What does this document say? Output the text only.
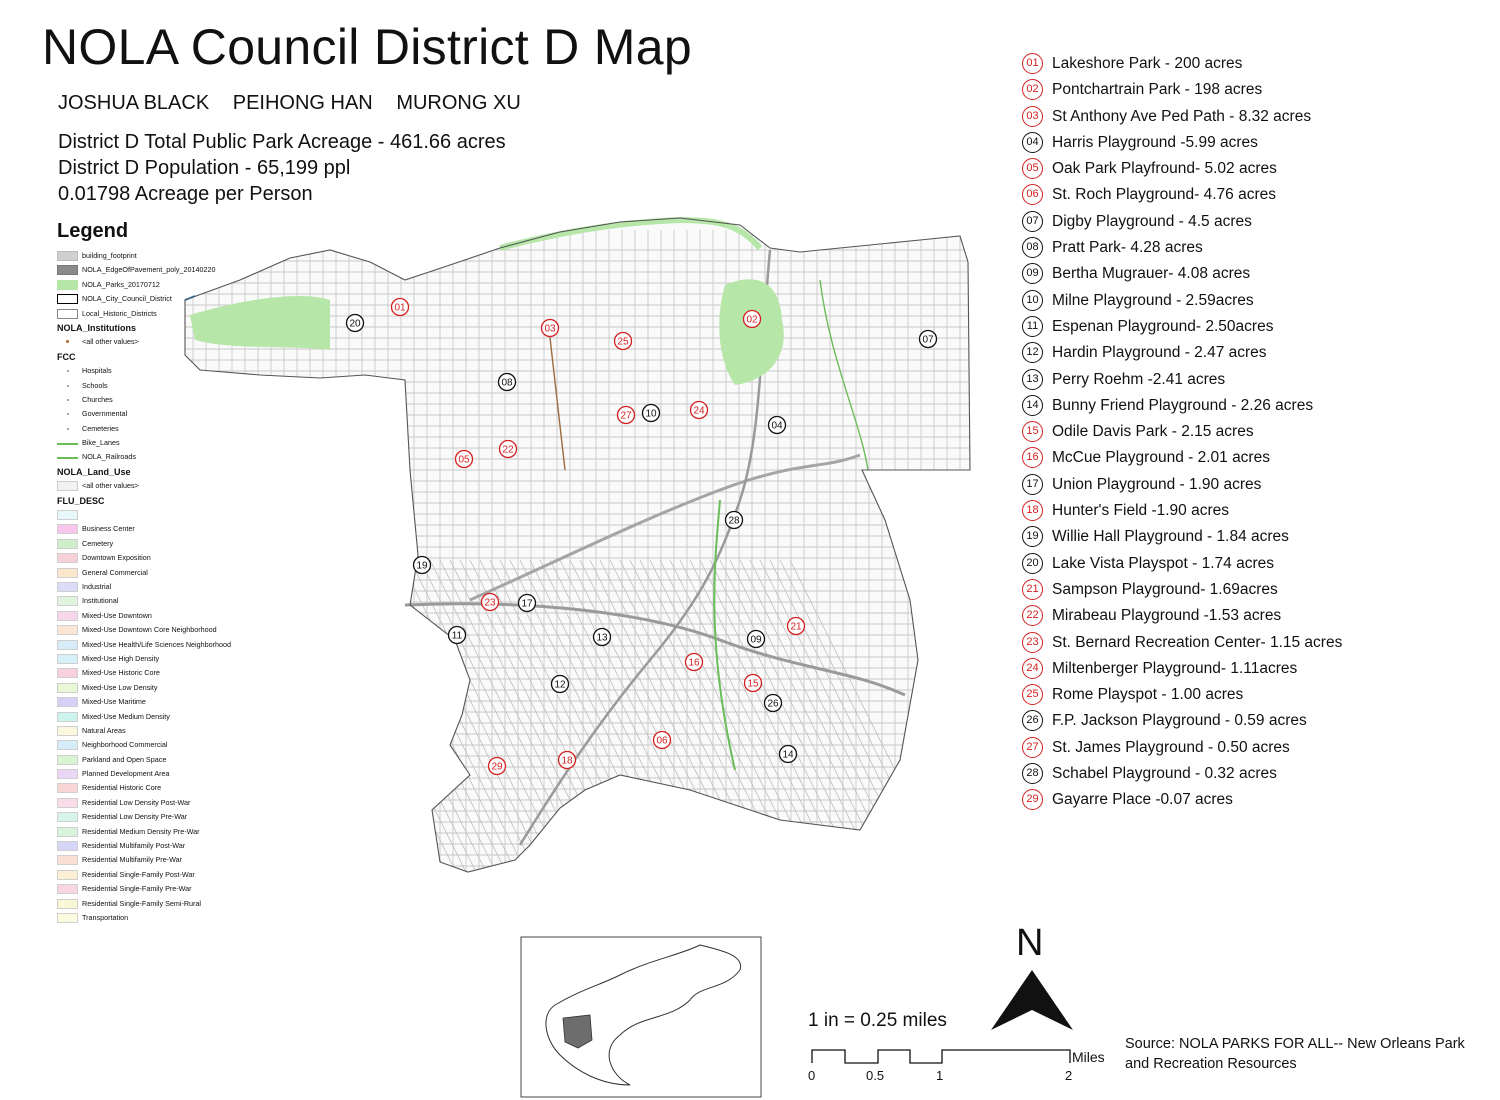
NOLA Council District D Map
JOSHUA BLACK PEIHONG HAN MURONG XU
District D Total Public Park Acreage - 461.66 acres
District D Population - 65,199 ppl
0.01798 Acreage per Person
Legend
building_footprint
NOLA_EdgeOfPavement_poly_20140220
NOLA_Parks_20170712
NOLA_City_Council_District
Local_Historic_Districts
NOLA_Institutions
<all other values>
FCC
Hospitals
Schools
Churches
Governmental
Cemeteries
Bike_Lanes
NOLA_Railroads
NOLA_Land_Use
<all other values>
FLU_DESC
Business Center
Cemetery
Downtown Exposition
General Commercial
Industrial
Institutional
Mixed-Use Downtown
Mixed-Use Downtown Core Neighborhood
Mixed-Use Health/Life Sciences Neighborhood
Mixed-Use High Density
Mixed-Use Historic Core
Mixed-Use Low Density
Mixed-Use Maritime
Mixed-Use Medium Density
Natural Areas
Neighborhood Commercial
Parkland and Open Space
Planned Development Area
Residential Historic Core
Residential Low Density Post-War
Residential Low Density Pre-War
Residential Medium Density Pre-War
Residential Multifamily Post-War
Residential Multifamily Pre-War
Residential Single-Family Post-War
Residential Single-Family Pre-War
Residential Single-Family Semi-Rural
Transportation
01
02
03
04
05
06
07
08
09
10
11
12
13
14
15
16
17
18
19
20
21
22
23
24
25
26
27
28
29
01 Lakeshore Park - 200 acres
02 Pontchartrain Park - 198 acres
03 St Anthony Ave Ped Path - 8.32 acres
04 Harris Playground -5.99 acres
05 Oak Park Playfround- 5.02 acres
06 St. Roch Playground- 4.76 acres
07 Digby Playground - 4.5 acres
08 Pratt Park- 4.28 acres
09 Bertha Mugrauer- 4.08 acres
10 Milne Playground - 2.59acres
11 Espenan Playground- 2.50acres
12 Hardin Playground - 2.47 acres
13 Perry Roehm -2.41 acres
14 Bunny Friend Playground - 2.26 acres
15 Odile Davis Park - 2.15 acres
16 McCue Playground - 2.01 acres
17 Union Playground - 1.90 acres
18 Hunter's Field -1.90 acres
19 Willie Hall Playground - 1.84 acres
20 Lake Vista Playspot - 1.74 acres
21 Sampson Playground- 1.69acres
22 Mirabeau Playground -1.53 acres
23 St. Bernard Recreation Center- 1.15 acres
24 Miltenberger Playground- 1.11acres
25 Rome Playspot - 1.00 acres
26 F.P. Jackson Playground - 0.59 acres
27 St. James Playground - 0.50 acres
28 Schabel Playground - 0.32 acres
29 Gayarre Place -0.07 acres
N
1 in = 0.25 miles
0	0.5	1	2
Miles
Source: NOLA PARKS FOR ALL-- New Orleans Park and Recreation Resources
